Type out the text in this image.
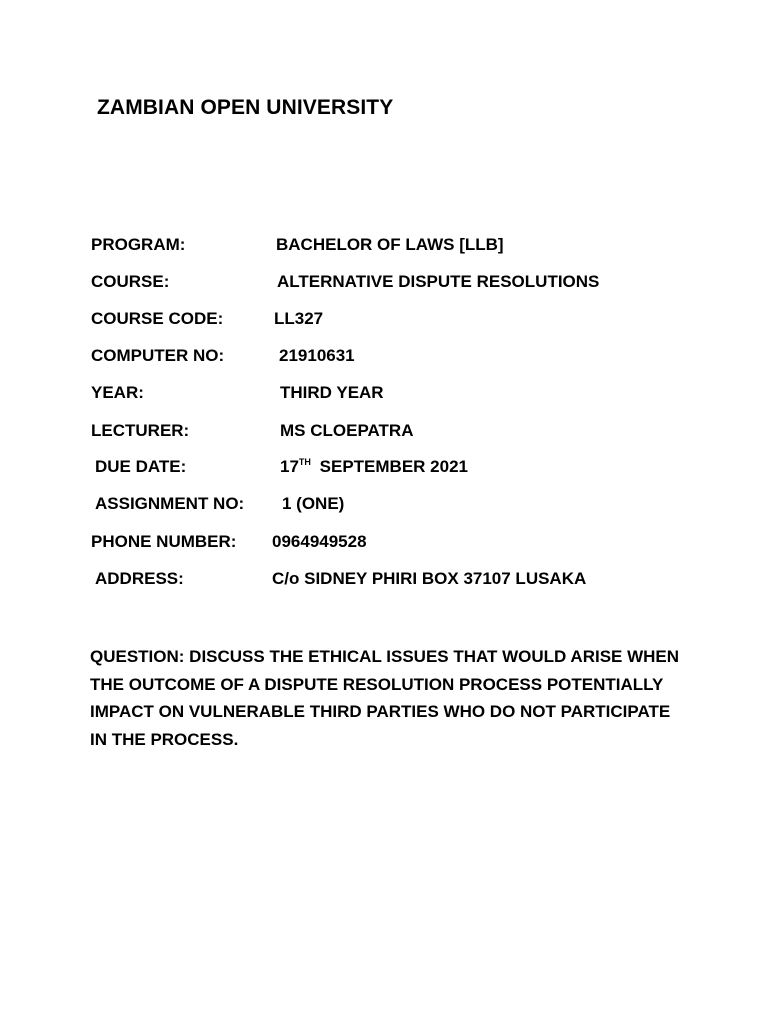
ZAMBIAN OPEN UNIVERSITY
PROGRAM:	BACHELOR OF LAWS [LLB]
COURSE:	ALTERNATIVE DISPUTE RESOLUTIONS
COURSE CODE:	LL327
COMPUTER NO:	21910631
YEAR:	THIRD YEAR
LECTURER:	MS CLOEPATRA
DUE DATE:	17TH SEPTEMBER 2021
ASSIGNMENT NO: 1 (ONE)
PHONE NUMBER: 0964949528
ADDRESS:	C/o SIDNEY PHIRI BOX 37107 LUSAKA
QUESTION: DISCUSS THE ETHICAL ISSUES THAT WOULD ARISE WHEN THE OUTCOME OF A DISPUTE RESOLUTION PROCESS POTENTIALLY IMPACT ON VULNERABLE THIRD PARTIES WHO DO NOT PARTICIPATE IN THE PROCESS.
